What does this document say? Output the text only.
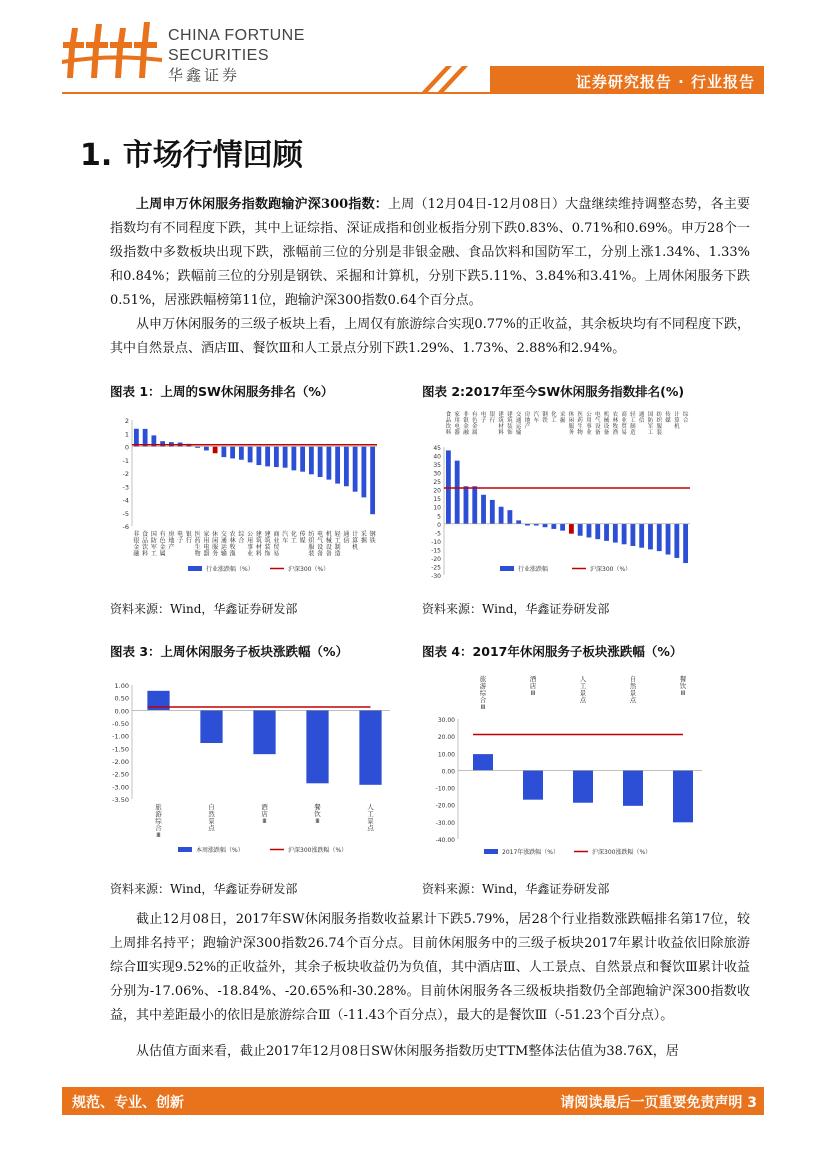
CHINA FORTUNE
SECURITIES
华鑫证券	证券研究报告 · 行业报告
1. 市场行情回顾
上周申万休闲服务指数跑输沪深300指数：上周（12月04日-12月08日）大盘继续维持调整态势，各主要指数均有不同程度下跌，其中上证综指、深证成指和创业板指分别下跌0.83%、0.71%和0.69%。申万28个一级指数中多数板块出现下跌，涨幅前三位的分别是非银金融、食品饮料和国防军工，分别上涨1.34%、1.33%和0.84%；跌幅前三位的分别是钢铁、采掘和计算机，分别下跌5.11%、3.84%和3.41%。上周休闲服务下跌0.51%，居涨跌幅榜第11位，跑输沪深300指数0.64个百分点。
从申万休闲服务的三级子板块上看，上周仅有旅游综合实现0.77%的正收益，其余板块均有不同程度下跌，其中自然景点、酒店Ⅲ、餐饮Ⅲ和人工景点分别下跌1.29%、1.73%、2.88%和2.94%。
图表 1：上周的SW休闲服务排名（%）
2
1
0
-1
-2
-3
-4
-5
-6
非银金融
食品饮料
国防军工
有色金属
房地产
电子
银行
医药生物
家用电器
休闲服务
交通运输
农林牧渔
综合
公用事业
建筑材料
建筑装饰
商业贸易
汽车
化工
传媒
纺织服装
电气设备
机械设备
轻工制造
通信
计算机
采掘
钢铁
行业涨跌幅（%）	沪深300（%）
资料来源：Wind，华鑫证券研发部
图表 2:2017年至今SW休闲服务指数排名(%)
45
40
35
30
25
20
15
10
5
0
-5
-10
-15
-20
-25
-30
食品饮料
家用电器
非银金融
有色金属
电子
银行
建筑材料
建筑装饰
交通运输
房地产
汽车
钢铁
化工
采掘
休闲服务
医药生物
公用事业
电气设备
机械设备
农林牧渔
商业贸易
轻工制造
通信
国防军工
纺织服装
传媒
计算机
综合
行业涨跌幅	沪深300（%）
资料来源：Wind，华鑫证券研发部
图表 3：上周休闲服务子板块涨跌幅（%）
1.00
0.50
0.00
-0.50
-1.00
-1.50
-2.00
-2.50
-3.00
-3.50
旅游综合 Ⅲ
自然景点
酒店 Ⅲ
餐饮 Ⅲ
人工景点
本周涨跌幅（%）	沪深300涨跌幅（%）
资料来源：Wind，华鑫证券研发部
图表 4：2017年休闲服务子板块涨跌幅（%）
30.00
20.00
10.00
0.00
-10.00
-20.00
-30.00
-40.00
旅游综合 Ⅲ
酒店 Ⅲ
人工景点
自然景点
餐饮 Ⅲ
2017年涨跌幅（%）	沪深300涨跌幅（%）
资料来源：Wind，华鑫证券研发部
截止12月08日，2017年SW休闲服务指数收益累计下跌5.79%，居28个行业指数涨跌幅排名第17位，较上周排名持平；跑输沪深300指数26.74个百分点。目前休闲服务中的三级子板块2017年累计收益依旧除旅游综合Ⅲ实现9.52%的正收益外，其余子板块收益仍为负值，其中酒店Ⅲ、人工景点、自然景点和餐饮Ⅲ累计收益分别为-17.06%、-18.84%、-20.65%和-30.28%。目前休闲服务各三级板块指数仍全部跑输沪深300指数收益，其中差距最小的依旧是旅游综合Ⅲ（-11.43个百分点），最大的是餐饮Ⅲ（-51.23个百分点）。
从估值方面来看，截止2017年12月08日SW休闲服务指数历史TTM整体法估值为38.76X，居
规范、专业、创新	请阅读最后一页重要免责声明 3
